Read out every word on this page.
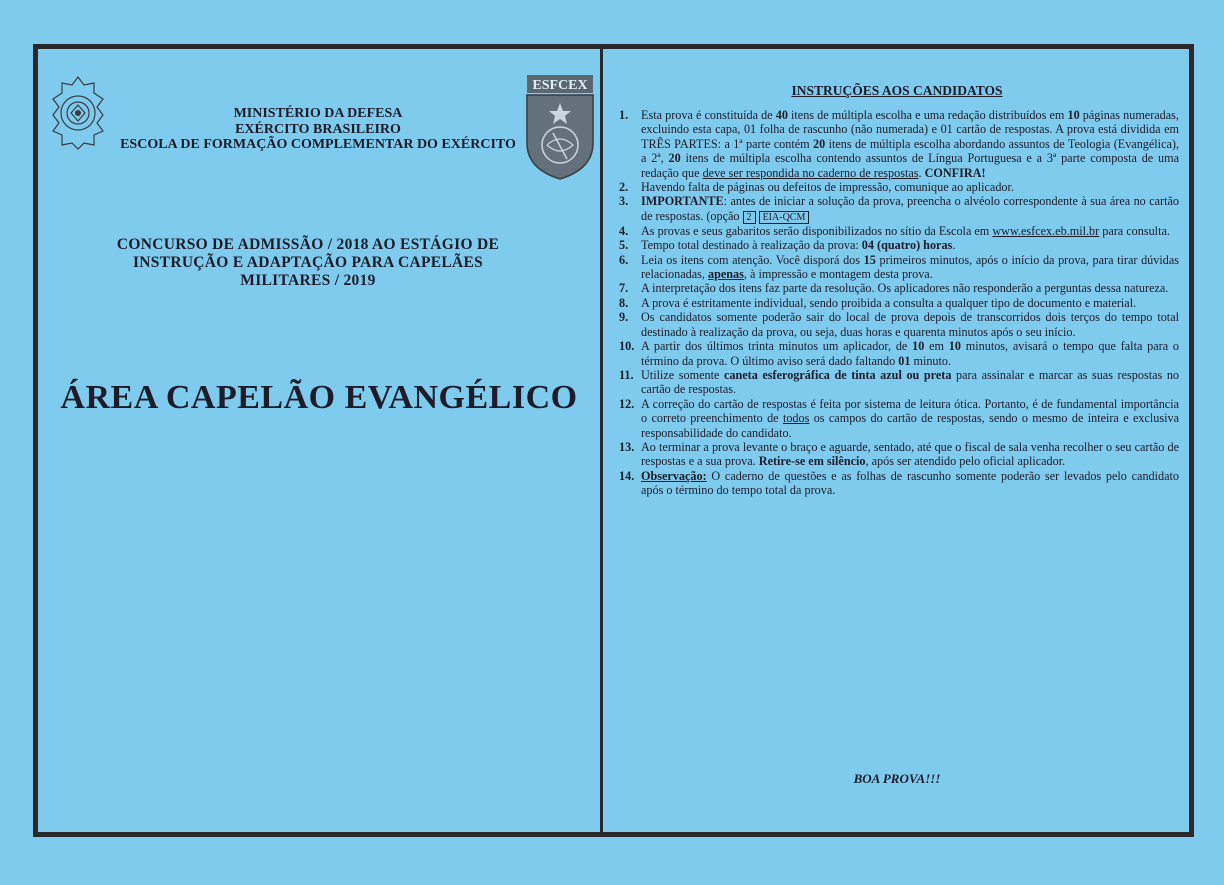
ESFCEX
MINISTÉRIO DA DEFESA
EXÉRCITO BRASILEIRO
ESCOLA DE FORMAÇÃO COMPLEMENTAR DO EXÉRCITO
CONCURSO DE ADMISSÃO / 2018 AO ESTÁGIO DE
INSTRUÇÃO E ADAPTAÇÃO PARA CAPELÃES
MILITARES / 2019
ÁREA CAPELÃO EVANGÉLICO
INSTRUÇÕES AOS CANDIDATOS
1.	Esta prova é constituída de 40 itens de múltipla escolha e uma redação distribuídos em 10 páginas numeradas, excluindo esta capa, 01 folha de rascunho (não numerada) e 01 cartão de respostas. A prova está dividida em TRÊS PARTES: a 1ª parte contém 20 itens de múltipla escolha abordando assuntos de Teologia (Evangélica), a 2ª, 20 itens de múltipla escolha contendo assuntos de Língua Portuguesa e a 3ª parte composta de uma redação que deve ser respondida no caderno de respostas. CONFIRA!
2.	Havendo falta de páginas ou defeitos de impressão, comunique ao aplicador.
3.	IMPORTANTE: antes de iniciar a solução da prova, preencha o alvéolo correspondente à sua área no cartão de respostas. (opção 2 EIA-QCM
4.	As provas e seus gabaritos serão disponibilizados no sítio da Escola em www.esfcex.eb.mil.br para consulta.
5.	Tempo total destinado à realização da prova: 04 (quatro) horas.
6.	Leia os itens com atenção. Você disporá dos 15 primeiros minutos, após o início da prova, para tirar dúvidas relacionadas, apenas, à impressão e montagem desta prova.
7.	A interpretação dos itens faz parte da resolução. Os aplicadores não responderão a perguntas dessa natureza.
8.	A prova é estritamente individual, sendo proibida a consulta a qualquer tipo de documento e material.
9.	Os candidatos somente poderão sair do local de prova depois de transcorridos dois terços do tempo total destinado à realização da prova, ou seja, duas horas e quarenta minutos após o seu início.
10. A partir dos últimos trinta minutos um aplicador, de 10 em 10 minutos, avisará o tempo que falta para o término da prova. O último aviso será dado faltando 01 minuto.
11. Utilize somente caneta esferográfica de tinta azul ou preta para assinalar e marcar as suas respostas no cartão de respostas.
12. A correção do cartão de respostas é feita por sistema de leitura ótica. Portanto, é de fundamental importância o correto preenchimento de todos os campos do cartão de respostas, sendo o mesmo de inteira e exclusiva responsabilidade do candidato.
13. Ao terminar a prova levante o braço e aguarde, sentado, até que o fiscal de sala venha recolher o seu cartão de respostas e a sua prova. Retire-se em silêncio, após ser atendido pelo oficial aplicador.
14. Observação: O caderno de questões e as folhas de rascunho somente poderão ser levados pelo candidato após o término do tempo total da prova.
BOA PROVA!!!
